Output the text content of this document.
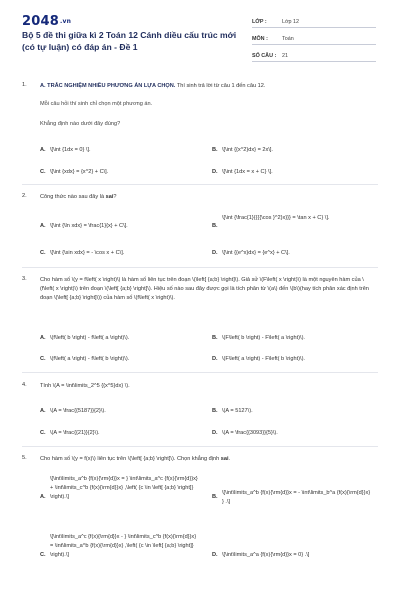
2048.vn
Bộ 5 đề thi giữa kì 2 Toán 12 Cánh diều cấu trúc mới (có tự luận) có đáp án - Đề 1
LỚP :	Lớp 12
MÔN :	Toán
SỐ CÂU :	21
1. A. TRẮC NGHIỆM NHIỀU PHƯƠNG ÁN LỰA CHỌN. Thí sinh trả lời từ câu 1 đến câu 12.
Mỗi câu hỏi thí sinh chỉ chọn một phương án.
Khẳng định nào dưới đây đúng?
A. \[\int {1dx = 0} \].	B. \[\int {{x^2}dx} = 2x\].
C. \[\int {xdx} = {x^2} + C\].	D. \[\int {1dx = x + C} \].
2. Công thức nào sau đây là sai?
A. \[\int {\ln xdx} = \frac{1}{x} + C\].	B.
\[\int {\frac{1}{{{{\cos }^2}x}}} = \tan x + C} \].
C. \[\int {\sin xdx} = - \cos x + C\].	D. \[\int {{e^x}dx} = {e^x} + C\].
3. Cho hàm số \(y = f\left( x \right)\) là hàm số liên tục trên đoạn \(\left[ {a;b} \right]\). Giả sử \(F\left( x \right)\) là một nguyên hàm của \(f\left( x \right)\) trên đoạn \(\left[ {a;b} \right]\). Hiệu số nào sau đây được gọi là tích phân từ \(a\) đến \(b\)(hay tích phân xác định trên đoạn \(\left[ {a;b} \right]\)) của hàm số \(f\left( x \right)\).
A. \(f\left( b \right) - f\left( a \right)\).	B. \(F\left( b \right) - F\left( a \right)\).
C. \(f\left( a \right) - f\left( b \right)\).	D. \(F\left( a \right) - F\left( b \right)\).
4. Tính \(A = \int\limits_2^5 {{x^5}dx} \).
A. \(A = \frac{{5187}}{2}\).	B. \(A = 5127\).
C. \(A = \frac{{21}}{2}\).	D. \(A = \frac{{3093}}{5}\).
5. Cho hàm số \(y = f(x)\) liên tục trên \(\left[ {a;b} \right]\). Chọn khẳng định sai.
A.
\[\int\limits_a^b {f(x){\rm{d}}x = } \int\limits_a^c {f(x){\rm{d}}x} + \int\limits_c^b {f(x){\rm{d}}x} ,\left( {c \in \left[ {a;b} \right]} \right).\]	B.
\[\int\limits_a^b {f(x){\rm{d}}x = - \int\limits_b^a {f(x){\rm{d}}x} } .\]
C.
\[\int\limits_a^c {f(x){\rm{d}}x - } \int\limits_c^b {f(x){\rm{d}}x} = \int\limits_a^b {f(x){\rm{d}}x} ,\left( {c \in \left[ {a;b} \right]} \right).\]	D. \[\int\limits_a^a {f(x){\rm{d}}x = 0} .\]
